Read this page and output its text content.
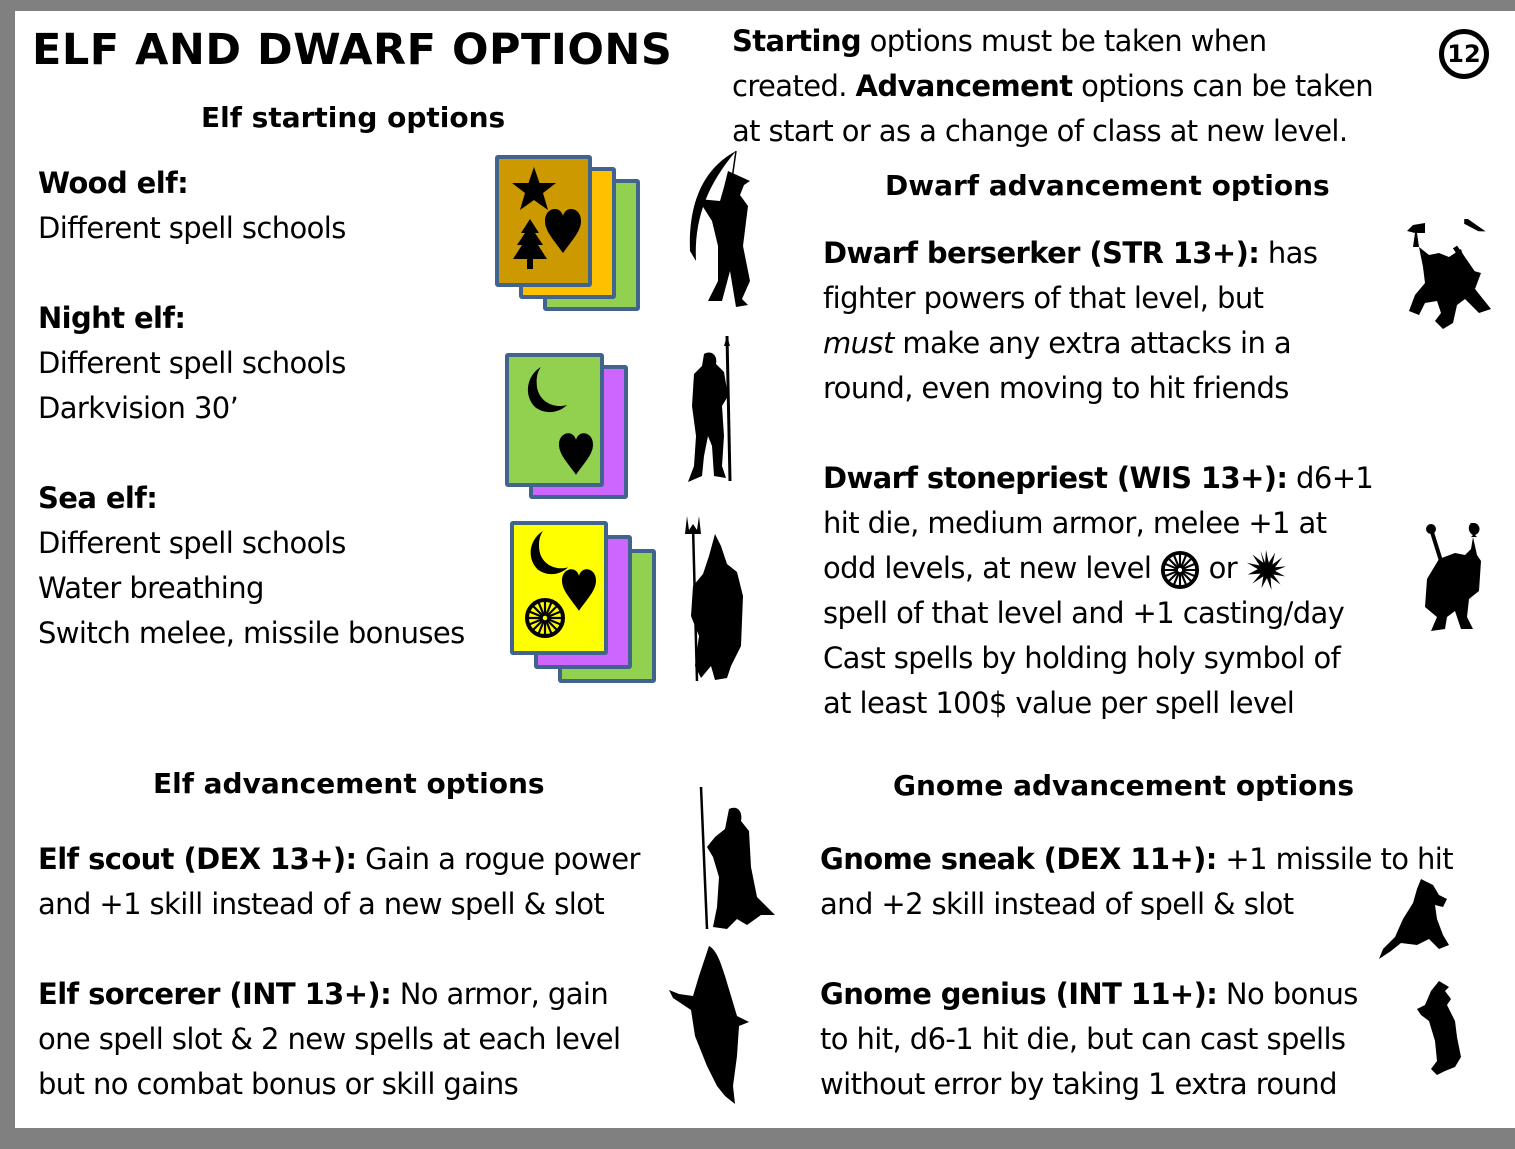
ELF AND DWARF OPTIONS	12
Starting options must be taken when
created. Advancement options can be taken
at start or as a change of class at new level.
Elf starting options
Wood elf:
Different spell schools
Night elf:
Different spell schools
Darkvision 30’
Sea elf:
Different spell schools
Water breathing
Switch melee, missile bonuses
Dwarf advancement options
Dwarf berserker (STR 13+): has
fighter powers of that level, but
must make any extra attacks in a
round, even moving to hit friends
Dwarf stonepriest (WIS 13+): d6+1
hit die, medium armor, melee +1 at
odd levels, at new level  or
spell of that level and +1 casting/day
Cast spells by holding holy symbol of
at least 100$ value per spell level
Elf advancement options
Elf scout (DEX 13+): Gain a rogue power
and +1 skill instead of a new spell & slot
Elf sorcerer (INT 13+): No armor, gain
one spell slot & 2 new spells at each level
but no combat bonus or skill gains
Gnome advancement options
Gnome sneak (DEX 11+): +1 missile to hit
and +2 skill instead of spell & slot
Gnome genius (INT 11+): No bonus
to hit, d6-1 hit die, but can cast spells
without error by taking 1 extra round
